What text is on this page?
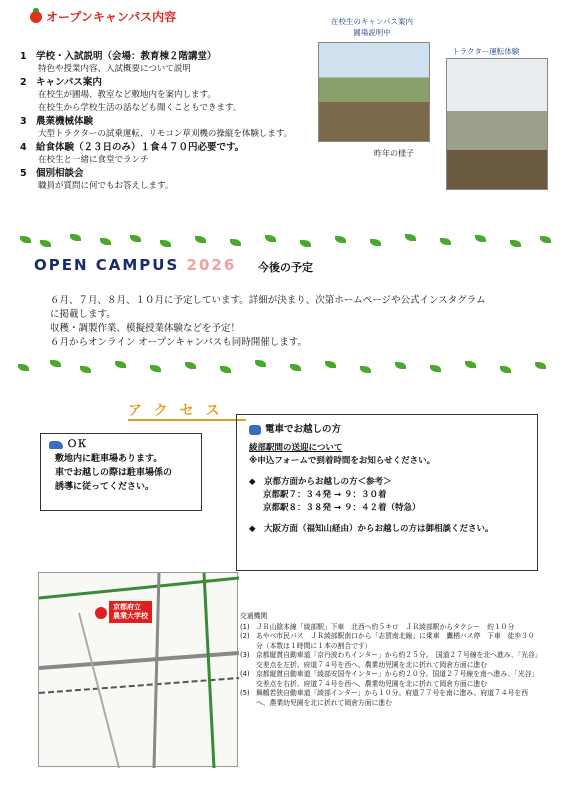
オープンキャンパス内容
1 学校・入試説明（会場：教育棟２階講堂）
特色や授業内容、入試概要について説明
2 キャンパス案内
在校生が圃場、教室など敷地内を案内します。
在校生から学校生活の話なども聞くこともできます。
3 農業機械体験
大型トラクターの試乗運転、リモコン草刈機の操縦を体験します。
4 給食体験（２３日のみ）１食４７０円必要です。
在校生と一緒に食堂でランチ
5 個別相談会
職員が質問に何でもお答えします。
在校生のキャンパス案内
圃場説明中
トラクター運転体験
昨年の様子
OPEN CAMPUS 2026 今後の予定
６月、７月、８月、１０月に予定しています。詳細が決まり、次第ホームページや公式インスタグラム
に掲載します。
収穫・調製作業、模擬授業体験などを予定！
６月からオンライン オープンキャンパスも同時開催します。
アクセス
ＯＫ
敷地内に駐車場あります。
車でお越しの際は駐車場係の
誘導に従ってください。
電車でお越しの方
綾部駅間の送迎について
※申込フォームで到着時間をお知らせください。
◆　京都方面からお越しの方＜参考＞
京都駅７：３４発 → ９：３０着
京都駅８：３８発 → ９：４２着（特急）
◆　大阪方面（福知山経由）からお越しの方は御相談ください。
京都府立
農業大学校	交通機関
(1) ＪＲ山陰本線「綾部駅」下車　北西へ約５キロ　ＪＲ綾部駅からタクシー　約１０分
(2) あやべ市民バス　ＪＲ綾部駅南口から「志賀南北線」に乗車　鷹栖バス停　下車　徒歩３０分（本数は１時間に１本の割合です）
(3) 京都縦貫自動車道「京丹波わちインター」から約２５分。　国道２７号線を北へ進み、「光谷」交差点を左折、府道７４号を西へ、農業幼児園を北に折れて岡倉方面に進む
(4) 京都縦貫自動車道「綾部安国寺インター」から約２０分。国道２７号線を南へ進み、「光谷」交差点を右折、府道７４号を西へ、農業幼児園を北に折れて岡倉方面に進む
(5) 舞鶴若狭自動車道「綾部インター」から１０分。府道７７号を南に進み、府道７４号を西へ、農業幼児園を北に折れて岡倉方面に進む
